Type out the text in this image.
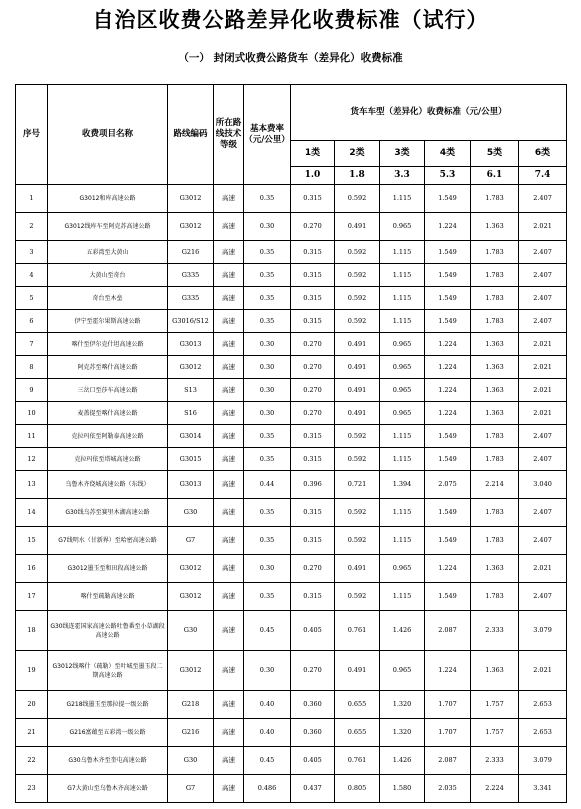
自治区收费公路差异化收费标准（试行）
（一） 封闭式收费公路货车（差异化）收费标准
序号	收费项目名称	路线编码	所在路线技术等级	基本费率（元/公里）	货车车型（差异化）收费标准（元/公里）					
					1类	2类	3类	4类	5类	6类
					1.0	1.8	3.3	5.3	6.1	7.4
1	G3012和库高速公路	G3012	高速	0.35	0.315	0.592	1.115	1.549	1.783	2.407
2	G3012线库车至阿克苏高速公路	G3012	高速	0.30	0.270	0.491	0.965	1.224	1.363	2.021
3	五彩湾至大黄山	G216	高速	0.35	0.315	0.592	1.115	1.549	1.783	2.407
4	大黄山至奇台	G335	高速	0.35	0.315	0.592	1.115	1.549	1.783	2.407
5	奇台至木垒	G335	高速	0.35	0.315	0.592	1.115	1.549	1.783	2.407
6	伊宁至霍尔果斯高速公路	G3016/S12	高速	0.35	0.315	0.592	1.115	1.549	1.783	2.407
7	喀什至伊尔克什坦高速公路	G3013	高速	0.30	0.270	0.491	0.965	1.224	1.363	2.021
8	阿克苏至喀什高速公路	G3012	高速	0.30	0.270	0.491	0.965	1.224	1.363	2.021
9	三岔口至莎车高速公路	S13	高速	0.30	0.270	0.491	0.965	1.224	1.363	2.021
10	麦盖提至喀什高速公路	S16	高速	0.30	0.270	0.491	0.965	1.224	1.363	2.021
11	克拉玛依至阿勒泰高速公路	G3014	高速	0.35	0.315	0.592	1.115	1.549	1.783	2.407
12	克拉玛依至塔城高速公路	G3015	高速	0.35	0.315	0.592	1.115	1.549	1.783	2.407
13	乌鲁木齐绕城高速公路（东线）	G3013	高速	0.44	0.396	0.721	1.394	2.075	2.214	3.040
14	G30线乌苏至赛里木湖高速公路	G30	高速	0.35	0.315	0.592	1.115	1.549	1.783	2.407
15	G7线明水（甘新界）至哈密高速公路	G7	高速	0.35	0.315	0.592	1.115	1.549	1.783	2.407
16	G3012墨玉至和田段高速公路	G3012	高速	0.30	0.270	0.491	0.965	1.224	1.363	2.021
17	喀什至疏勒高速公路	G3012	高速	0.35	0.315	0.592	1.115	1.549	1.783	2.407
18	G30线连霍国家高速公路吐鲁番至小草湖段高速公路	G30	高速	0.45	0.405	0.761	1.426	2.087	2.333	3.079
19	G3012线喀什（疏勒）至叶城至墨玉段二期高速公路	G3012	高速	0.30	0.270	0.491	0.965	1.224	1.363	2.021
20	G218线墨玉至那拉提一级公路	G218	高速	0.40	0.360	0.655	1.320	1.707	1.757	2.653
21	G216富蕴至五彩湾一级公路	G216	高速	0.40	0.360	0.655	1.320	1.707	1.757	2.653
22	G30乌鲁木齐至奎屯高速公路	G30	高速	0.45	0.405	0.761	1.426	2.087	2.333	3.079
23	G7大黄山至乌鲁木齐高速公路	G7	高速	0.486	0.437	0.805	1.580	2.035	2.224	3.341
